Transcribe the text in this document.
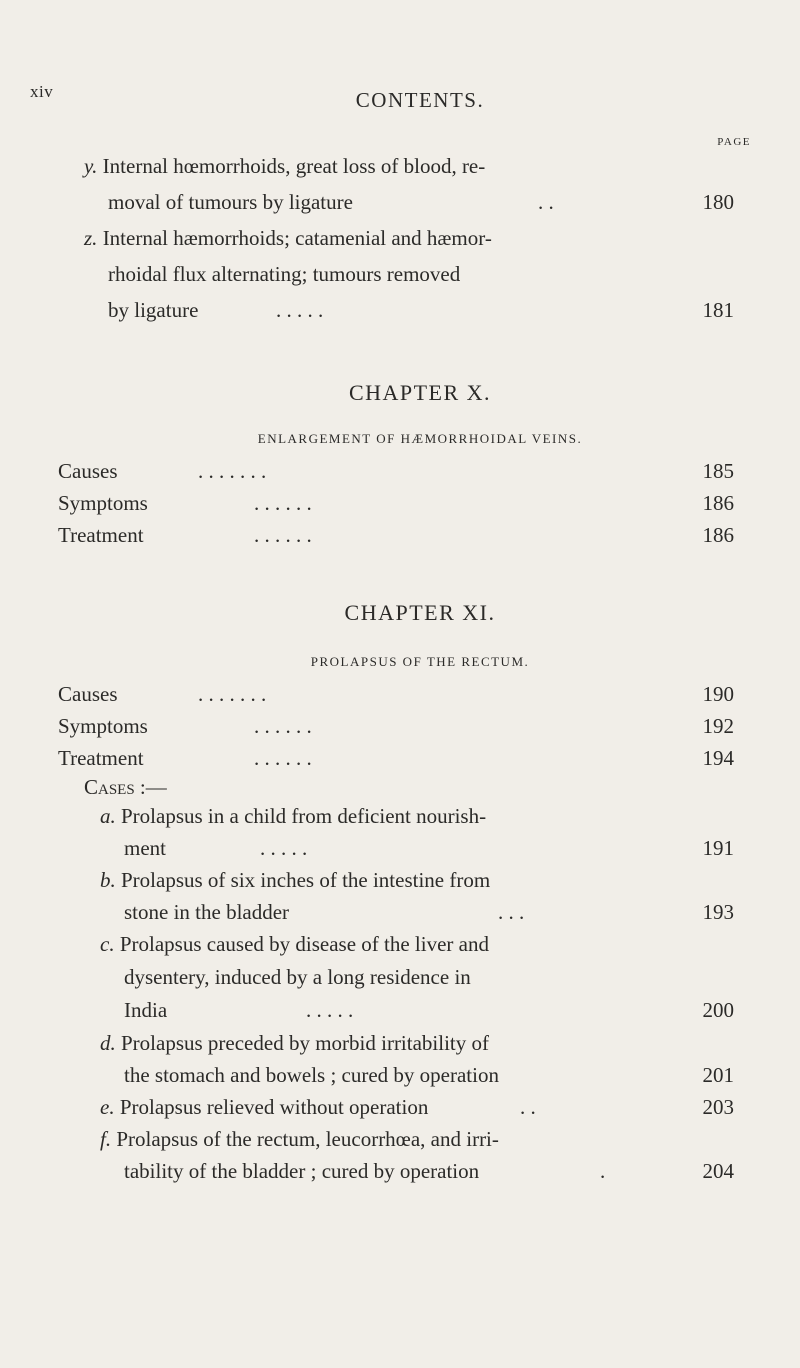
xiv	CONTENTS.
PAGE
y. Internal hœmorrhoids, great loss of blood, re-
moval of tumours by ligature	. .	180
z. Internal hæmorrhoids; catamenial and hæmor-
rhoidal flux alternating; tumours removed
by ligature	. . . . .	181
CHAPTER X.
ENLARGEMENT OF HÆMORRHOIDAL VEINS.
Causes	. . . . . . .	185
Symptoms	. . . . . .	186
Treatment	. . . . . .	186
CHAPTER XI.
PROLAPSUS OF THE RECTUM.
Causes	. . . . . . .	190
Symptoms	. . . . . .	192
Treatment	. . . . . .	194
Cases :—
a. Prolapsus in a child from deficient nourish-
ment	. . . . .	191
b. Prolapsus of six inches of the intestine from
stone in the bladder	. . .	193
c. Prolapsus caused by disease of the liver and
dysentery, induced by a long residence in
India	. . . . .	200
d. Prolapsus preceded by morbid irritability of
the stomach and bowels ; cured by operation	201
e. Prolapsus relieved without operation	. .	203
f. Prolapsus of the rectum, leucorrhœa, and irri-
tability of the bladder ; cured by operation	.	204
